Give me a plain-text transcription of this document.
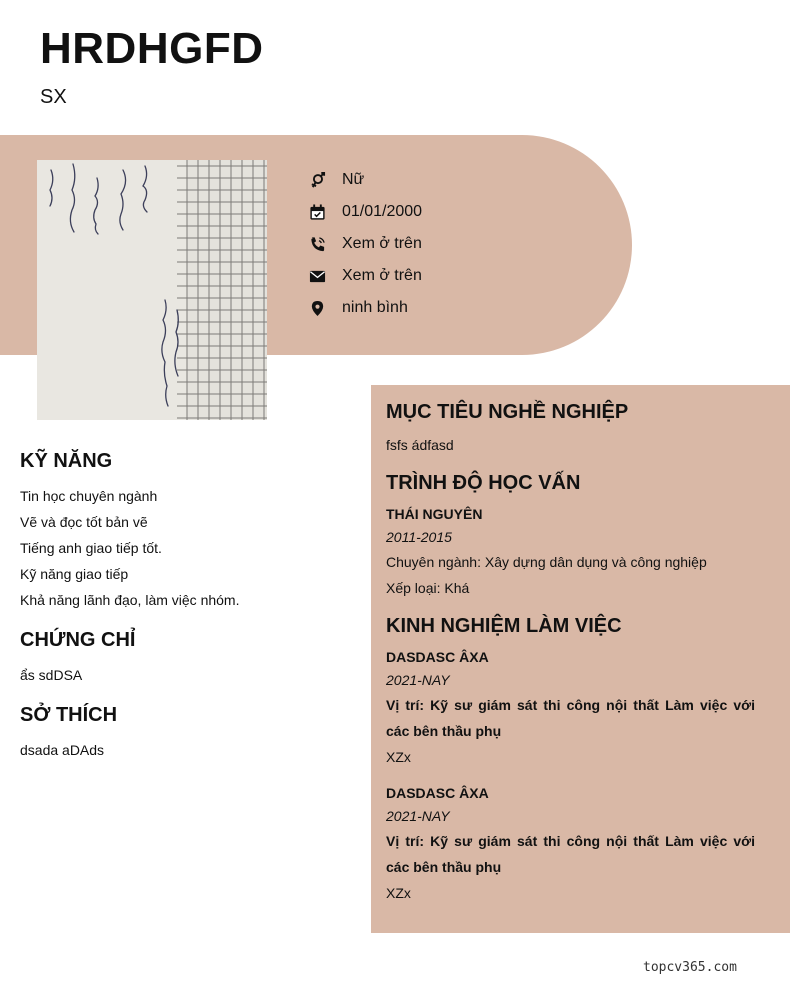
HRDHGFD
SX
Nữ
01/01/2000
Xem ở trên
Xem ở trên
ninh bình
KỸ NĂNG
Tin học chuyên ngành
Vẽ và đọc tốt bản vẽ
Tiếng anh giao tiếp tốt.
Kỹ năng giao tiếp
Khả năng lãnh đạo, làm việc nhóm.
CHỨNG CHỈ
ẩs sdDSA
SỞ THÍCH
dsada aDAds
MỤC TIÊU NGHỀ NGHIỆP
fsfs ádfasd
TRÌNH ĐỘ HỌC VẤN
THÁI NGUYÊN
2011-2015
Chuyên ngành: Xây dựng dân dụng và công nghiệp
Xếp loại: Khá
KINH NGHIỆM LÀM VIỆC
DASDASC ÂXA
2021-NAY
Vị trí: Kỹ sư giám sát thi công nội thất Làm việc với các bên thầu phụ
XZx
DASDASC ÂXA
2021-NAY
Vị trí: Kỹ sư giám sát thi công nội thất Làm việc với các bên thầu phụ
XZx
topcv365.com
